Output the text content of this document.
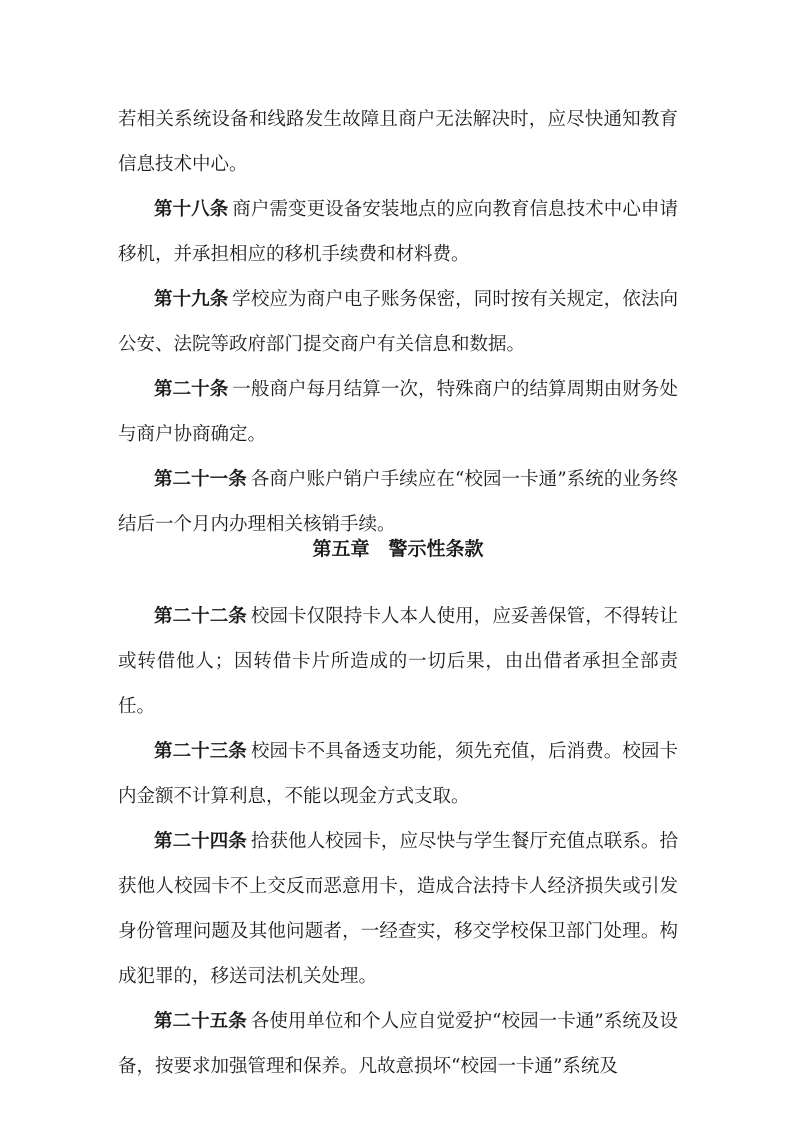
若相关系统设备和线路发生故障且商户无法解决时，应尽快通知教育信息技术中心。

第十八条 商户需变更设备安装地点的应向教育信息技术中心申请移机，并承担相应的移机手续费和材料费。

第十九条 学校应为商户电子账务保密，同时按有关规定，依法向公安、法院等政府部门提交商户有关信息和数据。

第二十条 一般商户每月结算一次，特殊商户的结算周期由财务处与商户协商确定。

第二十一条 各商户账户销户手续应在“校园一卡通”系统的业务终结后一个月内办理相关核销手续。

第五章　警示性条款

第二十二条 校园卡仅限持卡人本人使用，应妥善保管，不得转让或转借他人；因转借卡片所造成的一切后果，由出借者承担全部责任。

第二十三条 校园卡不具备透支功能，须先充值，后消费。校园卡内金额不计算利息，不能以现金方式支取。

第二十四条 拾获他人校园卡，应尽快与学生餐厅充值点联系。拾获他人校园卡不上交反而恶意用卡，造成合法持卡人经济损失或引发身份管理问题及其他问题者，一经查实，移交学校保卫部门处理。构成犯罪的，移送司法机关处理。

第二十五条 各使用单位和个人应自觉爱护“校园一卡通”系统及设备，按要求加强管理和保养。凡故意损坏“校园一卡通”系统及
